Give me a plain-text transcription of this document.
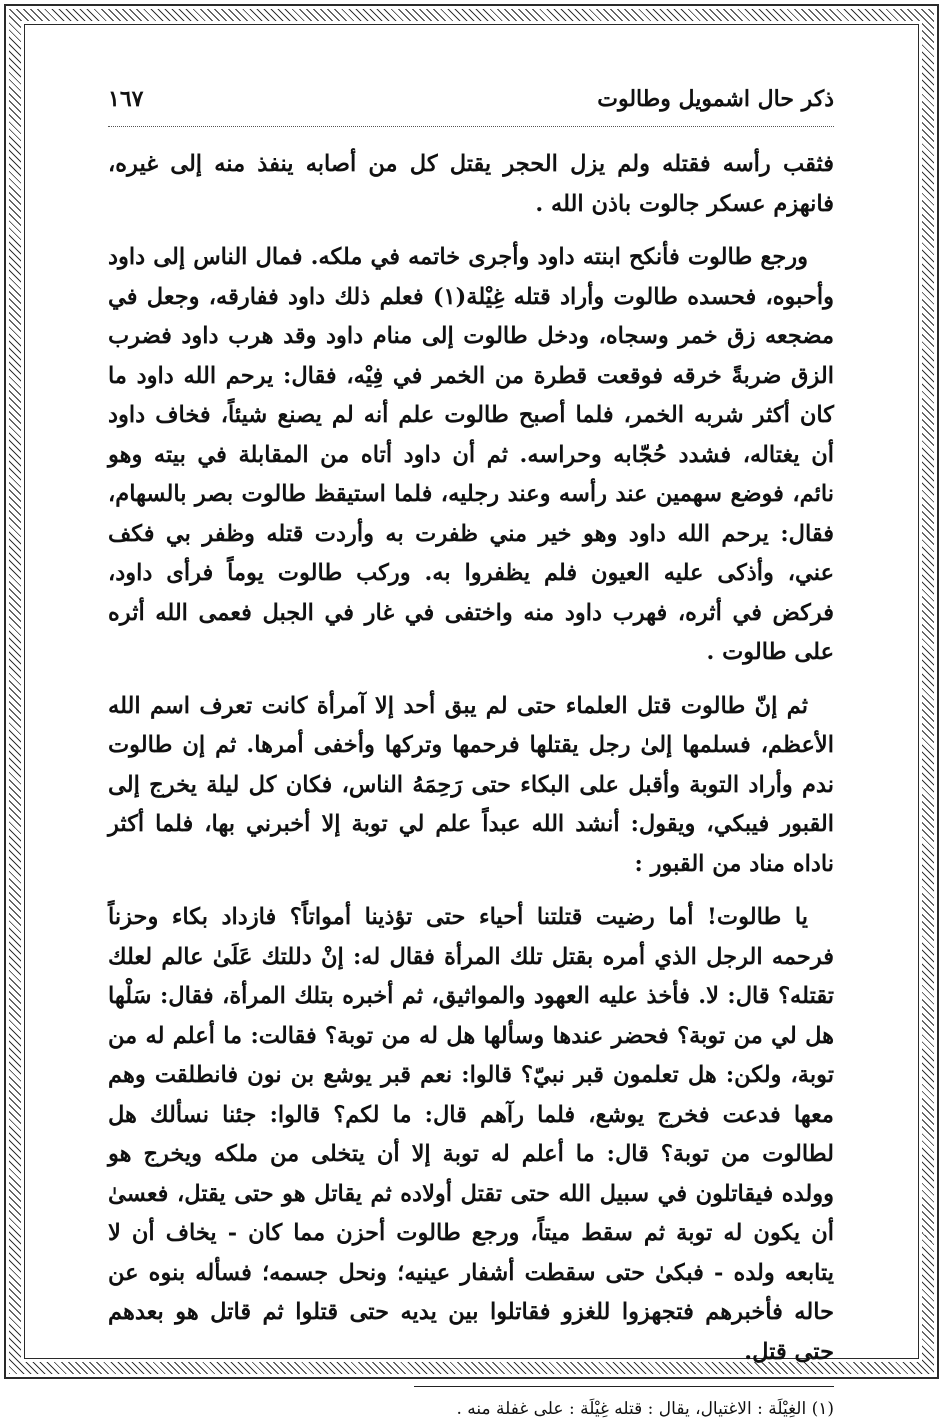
ذكر حال اشمويل وطالوت
١٦٧

فثقب رأسه فقتله ولم يزل الحجر يقتل كل من أصابه ينفذ منه إلى غيره، فانهزم عسكر جالوت باذن الله .

ورجع طالوت فأنكح ابنته داود وأجرى خاتمه في ملكه. فمال الناس إلى داود وأحبوه، فحسده طالوت وأراد قتله غِيْلة(١) فعلم ذلك داود ففارقه، وجعل في مضجعه زق خمر وسجاه، ودخل طالوت إلى منام داود وقد هرب داود فضرب الزق ضربةً خرقه فوقعت قطرة من الخمر في فِيْه، فقال: يرحم الله داود ما كان أكثر شربه الخمر، فلما أصبح طالوت علم أنه لم يصنع شيئاً، فخاف داود أن يغتاله، فشدد حُجّابه وحراسه. ثم أن داود أتاه من المقابلة في بيته وهو نائم، فوضع سهمين عند رأسه وعند رجليه، فلما استيقظ طالوت بصر بالسهام، فقال: يرحم الله داود وهو خير مني ظفرت به وأردت قتله وظفر بي فكف عني، وأذكى عليه العيون فلم يظفروا به. وركب طالوت يوماً فرأى داود، فركض في أثره، فهرب داود منه واختفى في غار في الجبل فعمى الله أثره على طالوت .

ثم إنّ طالوت قتل العلماء حتى لم يبق أحد إلا آمرأة كانت تعرف اسم الله الأعظم، فسلمها إلىٰ رجل يقتلها فرحمها وتركها وأخفى أمرها. ثم إن طالوت ندم وأراد التوبة وأقبل على البكاء حتى رَحِمَهُ الناس، فكان كل ليلة يخرج إلى القبور فيبكي، ويقول: أنشد الله عبداً علم لي توبة إلا أخبرني بها، فلما أكثر ناداه مناد من القبور :

يا طالوت! أما رضيت قتلتنا أحياء حتى تؤذينا أمواتاً؟ فازداد بكاء وحزناً فرحمه الرجل الذي أمره بقتل تلك المرأة فقال له: إنْ دللتك عَلَىٰ عالم لعلك تقتله؟ قال: لا. فأخذ عليه العهود والمواثيق، ثم أخبره بتلك المرأة، فقال: سَلْها هل لي من توبة؟ فحضر عندها وسألها هل له من توبة؟ فقالت: ما أعلم له من توبة، ولكن: هل تعلمون قبر نبيّ؟ قالوا: نعم قبر يوشع بن نون فانطلقت وهم معها فدعت فخرج يوشع، فلما رآهم قال: ما لكم؟ قالوا: جئنا نسألك هل لطالوت من توبة؟ قال: ما أعلم له توبة إلا أن يتخلى من ملكه ويخرج هو وولده فيقاتلون في سبيل الله حتى تقتل أولاده ثم يقاتل هو حتى يقتل، فعسىٰ أن يكون له توبة ثم سقط ميتاً، ورجع طالوت أحزن مما كان - يخاف أن لا يتابعه ولده - فبكىٰ حتى سقطت أشفار عينيه؛ ونحل جسمه؛ فسأله بنوه عن حاله فأخبرهم فتجهزوا للغزو فقاتلوا بين يديه حتى قتلوا ثم قاتل هو بعدهم حتى قتل.

(١) الغِيْلَة : الاغتيال، يقال : قتله غِيْلَة : على غفلة منه .
